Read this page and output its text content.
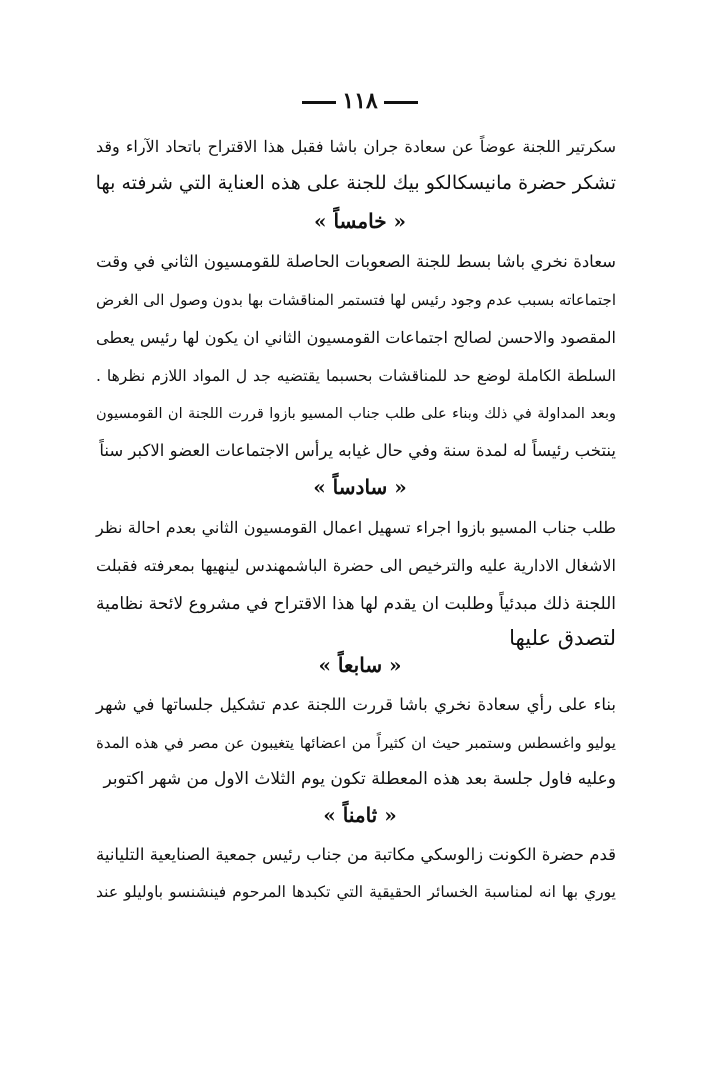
١١٨
سكرتير اللجنة عوضاً عن سعادة جران باشا فقبل هذا الاقتراح باتحاد الآراء وقد
تشكر حضرة مانيسكالكو بيك للجنة على هذه العناية التي شرفته بها
« خامساً »
سعادة نخري باشا بسط للجنة الصعوبات الحاصلة للقومسيون الثاني في وقت
اجتماعاته بسبب عدم وجود رئيس لها فتستمر المناقشات بها بدون وصول الى الغرض
المقصود والاحسن لصالح اجتماعات القومسيون الثاني ان يكون لها رئيس يعطى
السلطة الكاملة لوضع حد للمناقشات بحسبما يقتضيه جد ل المواد اللازم نظرها .
وبعد المداولة في ذلك وبناء على طلب جناب المسيو بازوا قررت اللجنة ان القومسيون
ينتخب رئيساً له لمدة سنة وفي حال غيابه يرأس الاجتماعات العضو الاكبر سناً
« سادساً »
طلب جناب المسيو بازوا اجراء تسهيل اعمال القومسيون الثاني بعدم احالة نظر
الاشغال الادارية عليه والترخيص الى حضرة الباشمهندس لينهيها بمعرفته فقبلت
اللجنة ذلك مبدئياً وطلبت ان يقدم لها هذا الاقتراح في مشروع لائحة نظامية
لتصدق عليها
« سابعاً »
بناء على رأي سعادة نخري باشا قررت اللجنة عدم تشكيل جلساتها في شهر
يوليو واغسطس وستمبر حيث ان كثيراً من اعضائها يتغيبون عن مصر في هذه المدة
وعليه فاول جلسة بعد هذه المعطلة تكون يوم الثلاث الاول من شهر اكتوبر
« ثامناً »
قدم حضرة الكونت زالوسكي مكاتبة من جناب رئيس جمعية الصنايعية التليانية
يوري بها انه لمناسبة الخسائر الحقيقية التي تكبدها المرحوم فينشنسو باوليلو عند
